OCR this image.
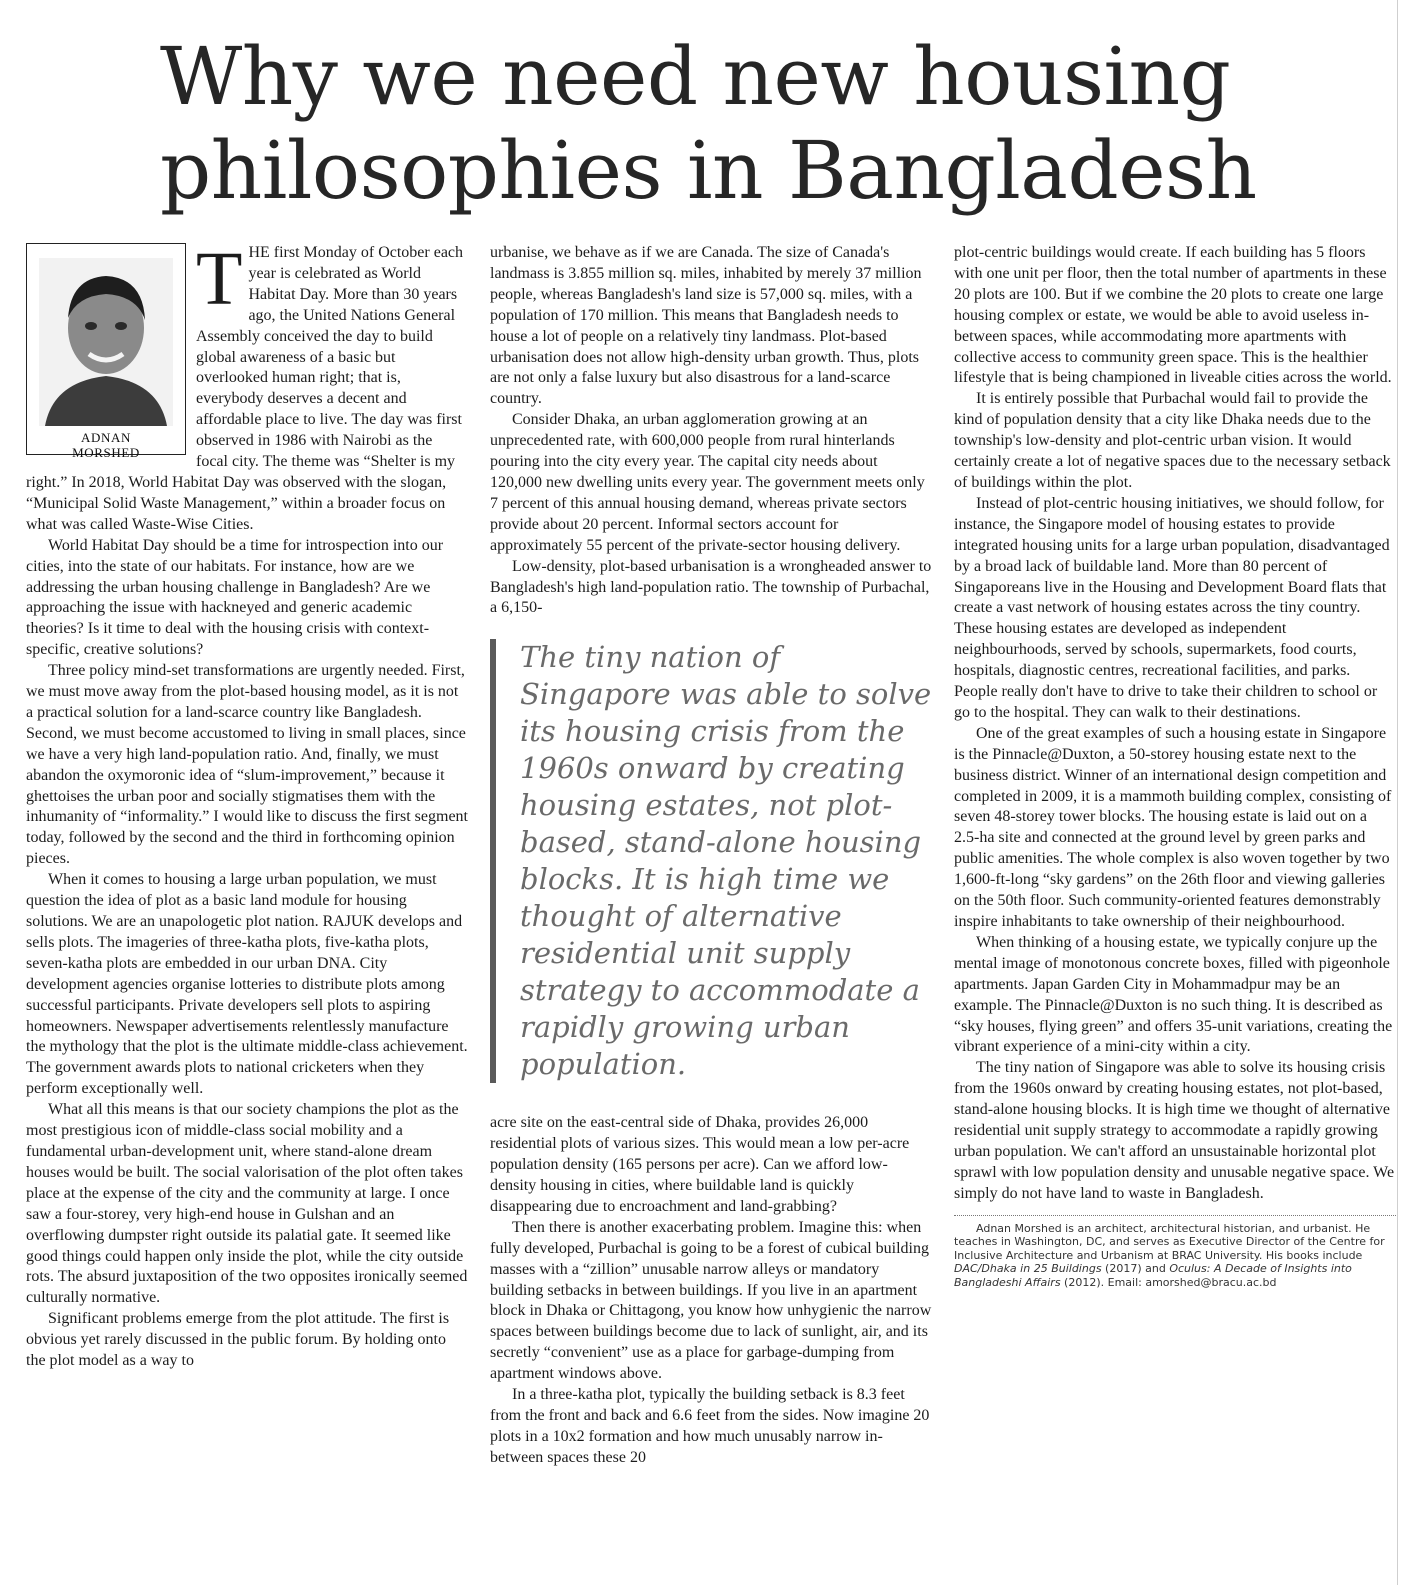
Why we need new housing philosophies in Bangladesh
ADNAN
MORSHED

THE first Monday of October each year is celebrated as World Habitat Day. More than 30 years ago, the United Nations General Assembly conceived the day to build global awareness of a basic but overlooked human right; that is, everybody deserves a decent and affordable place to live. The day was first observed in 1986 with Nairobi as the focal city. The theme was “Shelter is my right.” In 2018, World Habitat Day was observed with the slogan, “Municipal Solid Waste Management,” within a broader focus on what was called Waste-Wise Cities.

World Habitat Day should be a time for introspection into our cities, into the state of our habitats. For instance, how are we addressing the urban housing challenge in Bangladesh? Are we approaching the issue with hackneyed and generic academic theories? Is it time to deal with the housing crisis with context-specific, creative solutions?

Three policy mind-set transformations are urgently needed. First, we must move away from the plot-based housing model, as it is not a practical solution for a land-scarce country like Bangladesh. Second, we must become accustomed to living in small places, since we have a very high land-population ratio. And, finally, we must abandon the oxymoronic idea of “slum-improvement,” because it ghettoises the urban poor and socially stigmatises them with the inhumanity of “informality.” I would like to discuss the first segment today, followed by the second and the third in forthcoming opinion pieces.

When it comes to housing a large urban population, we must question the idea of plot as a basic land module for housing solutions. We are an unapologetic plot nation. RAJUK develops and sells plots. The imageries of three-katha plots, five-katha plots, seven-katha plots are embedded in our urban DNA. City development agencies organise lotteries to distribute plots among successful participants. Private developers sell plots to aspiring homeowners. Newspaper advertisements relentlessly manufacture the mythology that the plot is the ultimate middle-class achievement. The government awards plots to national cricketers when they perform exceptionally well.

What all this means is that our society champions the plot as the most prestigious icon of middle-class social mobility and a fundamental urban-development unit, where stand-alone dream houses would be built. The social valorisation of the plot often takes place at the expense of the city and the community at large. I once saw a four-storey, very high-end house in Gulshan and an overflowing dumpster right outside its palatial gate. It seemed like good things could happen only inside the plot, while the city outside rots. The absurd juxtaposition of the two opposites ironically seemed culturally normative.

Significant problems emerge from the plot attitude. The first is obvious yet rarely discussed in the public forum. By holding onto the plot model as a way to

urbanise, we behave as if we are Canada. The size of Canada's landmass is 3.855 million sq. miles, inhabited by merely 37 million people, whereas Bangladesh's land size is 57,000 sq. miles, with a population of 170 million. This means that Bangladesh needs to house a lot of people on a relatively tiny landmass. Plot-based urbanisation does not allow high-density urban growth. Thus, plots are not only a false luxury but also disastrous for a land-scarce country.

Consider Dhaka, an urban agglomeration growing at an unprecedented rate, with 600,000 people from rural hinterlands pouring into the city every year. The capital city needs about 120,000 new dwelling units every year. The government meets only 7 percent of this annual housing demand, whereas private sectors provide about 20 percent. Informal sectors account for approximately 55 percent of the private-sector housing delivery.

Low-density, plot-based urbanisation is a wrongheaded answer to Bangladesh's high land-population ratio. The township of Purbachal, a 6,150-

The tiny nation of Singapore was able to solve its housing crisis from the 1960s onward by creating housing estates, not plot-based, stand-alone housing blocks. It is high time we thought of alternative residential unit supply strategy to accommodate a rapidly growing urban population.

acre site on the east-central side of Dhaka, provides 26,000 residential plots of various sizes. This would mean a low per-acre population density (165 persons per acre). Can we afford low-density housing in cities, where buildable land is quickly disappearing due to encroachment and land-grabbing?

Then there is another exacerbating problem. Imagine this: when fully developed, Purbachal is going to be a forest of cubical building masses with a “zillion” unusable narrow alleys or mandatory building setbacks in between buildings. If you live in an apartment block in Dhaka or Chittagong, you know how unhygienic the narrow spaces between buildings become due to lack of sunlight, air, and its secretly “convenient” use as a place for garbage-dumping from apartment windows above.

In a three-katha plot, typically the building setback is 8.3 feet from the front and back and 6.6 feet from the sides. Now imagine 20 plots in a 10x2 formation and how much unusably narrow in-between spaces these 20

plot-centric buildings would create. If each building has 5 floors with one unit per floor, then the total number of apartments in these 20 plots are 100. But if we combine the 20 plots to create one large housing complex or estate, we would be able to avoid useless in-between spaces, while accommodating more apartments with collective access to community green space. This is the healthier lifestyle that is being championed in liveable cities across the world.

It is entirely possible that Purbachal would fail to provide the kind of population density that a city like Dhaka needs due to the township's low-density and plot-centric urban vision. It would certainly create a lot of negative spaces due to the necessary setback of buildings within the plot.

Instead of plot-centric housing initiatives, we should follow, for instance, the Singapore model of housing estates to provide integrated housing units for a large urban population, disadvantaged by a broad lack of buildable land. More than 80 percent of Singaporeans live in the Housing and Development Board flats that create a vast network of housing estates across the tiny country. These housing estates are developed as independent neighbourhoods, served by schools, supermarkets, food courts, hospitals, diagnostic centres, recreational facilities, and parks. People really don't have to drive to take their children to school or go to the hospital. They can walk to their destinations.

One of the great examples of such a housing estate in Singapore is the Pinnacle@Duxton, a 50-storey housing estate next to the business district. Winner of an international design competition and completed in 2009, it is a mammoth building complex, consisting of seven 48-storey tower blocks. The housing estate is laid out on a 2.5-ha site and connected at the ground level by green parks and public amenities. The whole complex is also woven together by two 1,600-ft-long “sky gardens” on the 26th floor and viewing galleries on the 50th floor. Such community-oriented features demonstrably inspire inhabitants to take ownership of their neighbourhood.

When thinking of a housing estate, we typically conjure up the mental image of monotonous concrete boxes, filled with pigeonhole apartments. Japan Garden City in Mohammadpur may be an example. The Pinnacle@Duxton is no such thing. It is described as “sky houses, flying green” and offers 35-unit variations, creating the vibrant experience of a mini-city within a city.

The tiny nation of Singapore was able to solve its housing crisis from the 1960s onward by creating housing estates, not plot-based, stand-alone housing blocks. It is high time we thought of alternative residential unit supply strategy to accommodate a rapidly growing urban population. We can't afford an unsustainable horizontal plot sprawl with low population density and unusable negative space. We simply do not have land to waste in Bangladesh.

Adnan Morshed is an architect, architectural historian, and urbanist. He teaches in Washington, DC, and serves as Executive Director of the Centre for Inclusive Architecture and Urbanism at BRAC University. His books include DAC/Dhaka in 25 Buildings (2017) and Oculus: A Decade of Insights into Bangladeshi Affairs (2012). Email: amorshed@bracu.ac.bd
